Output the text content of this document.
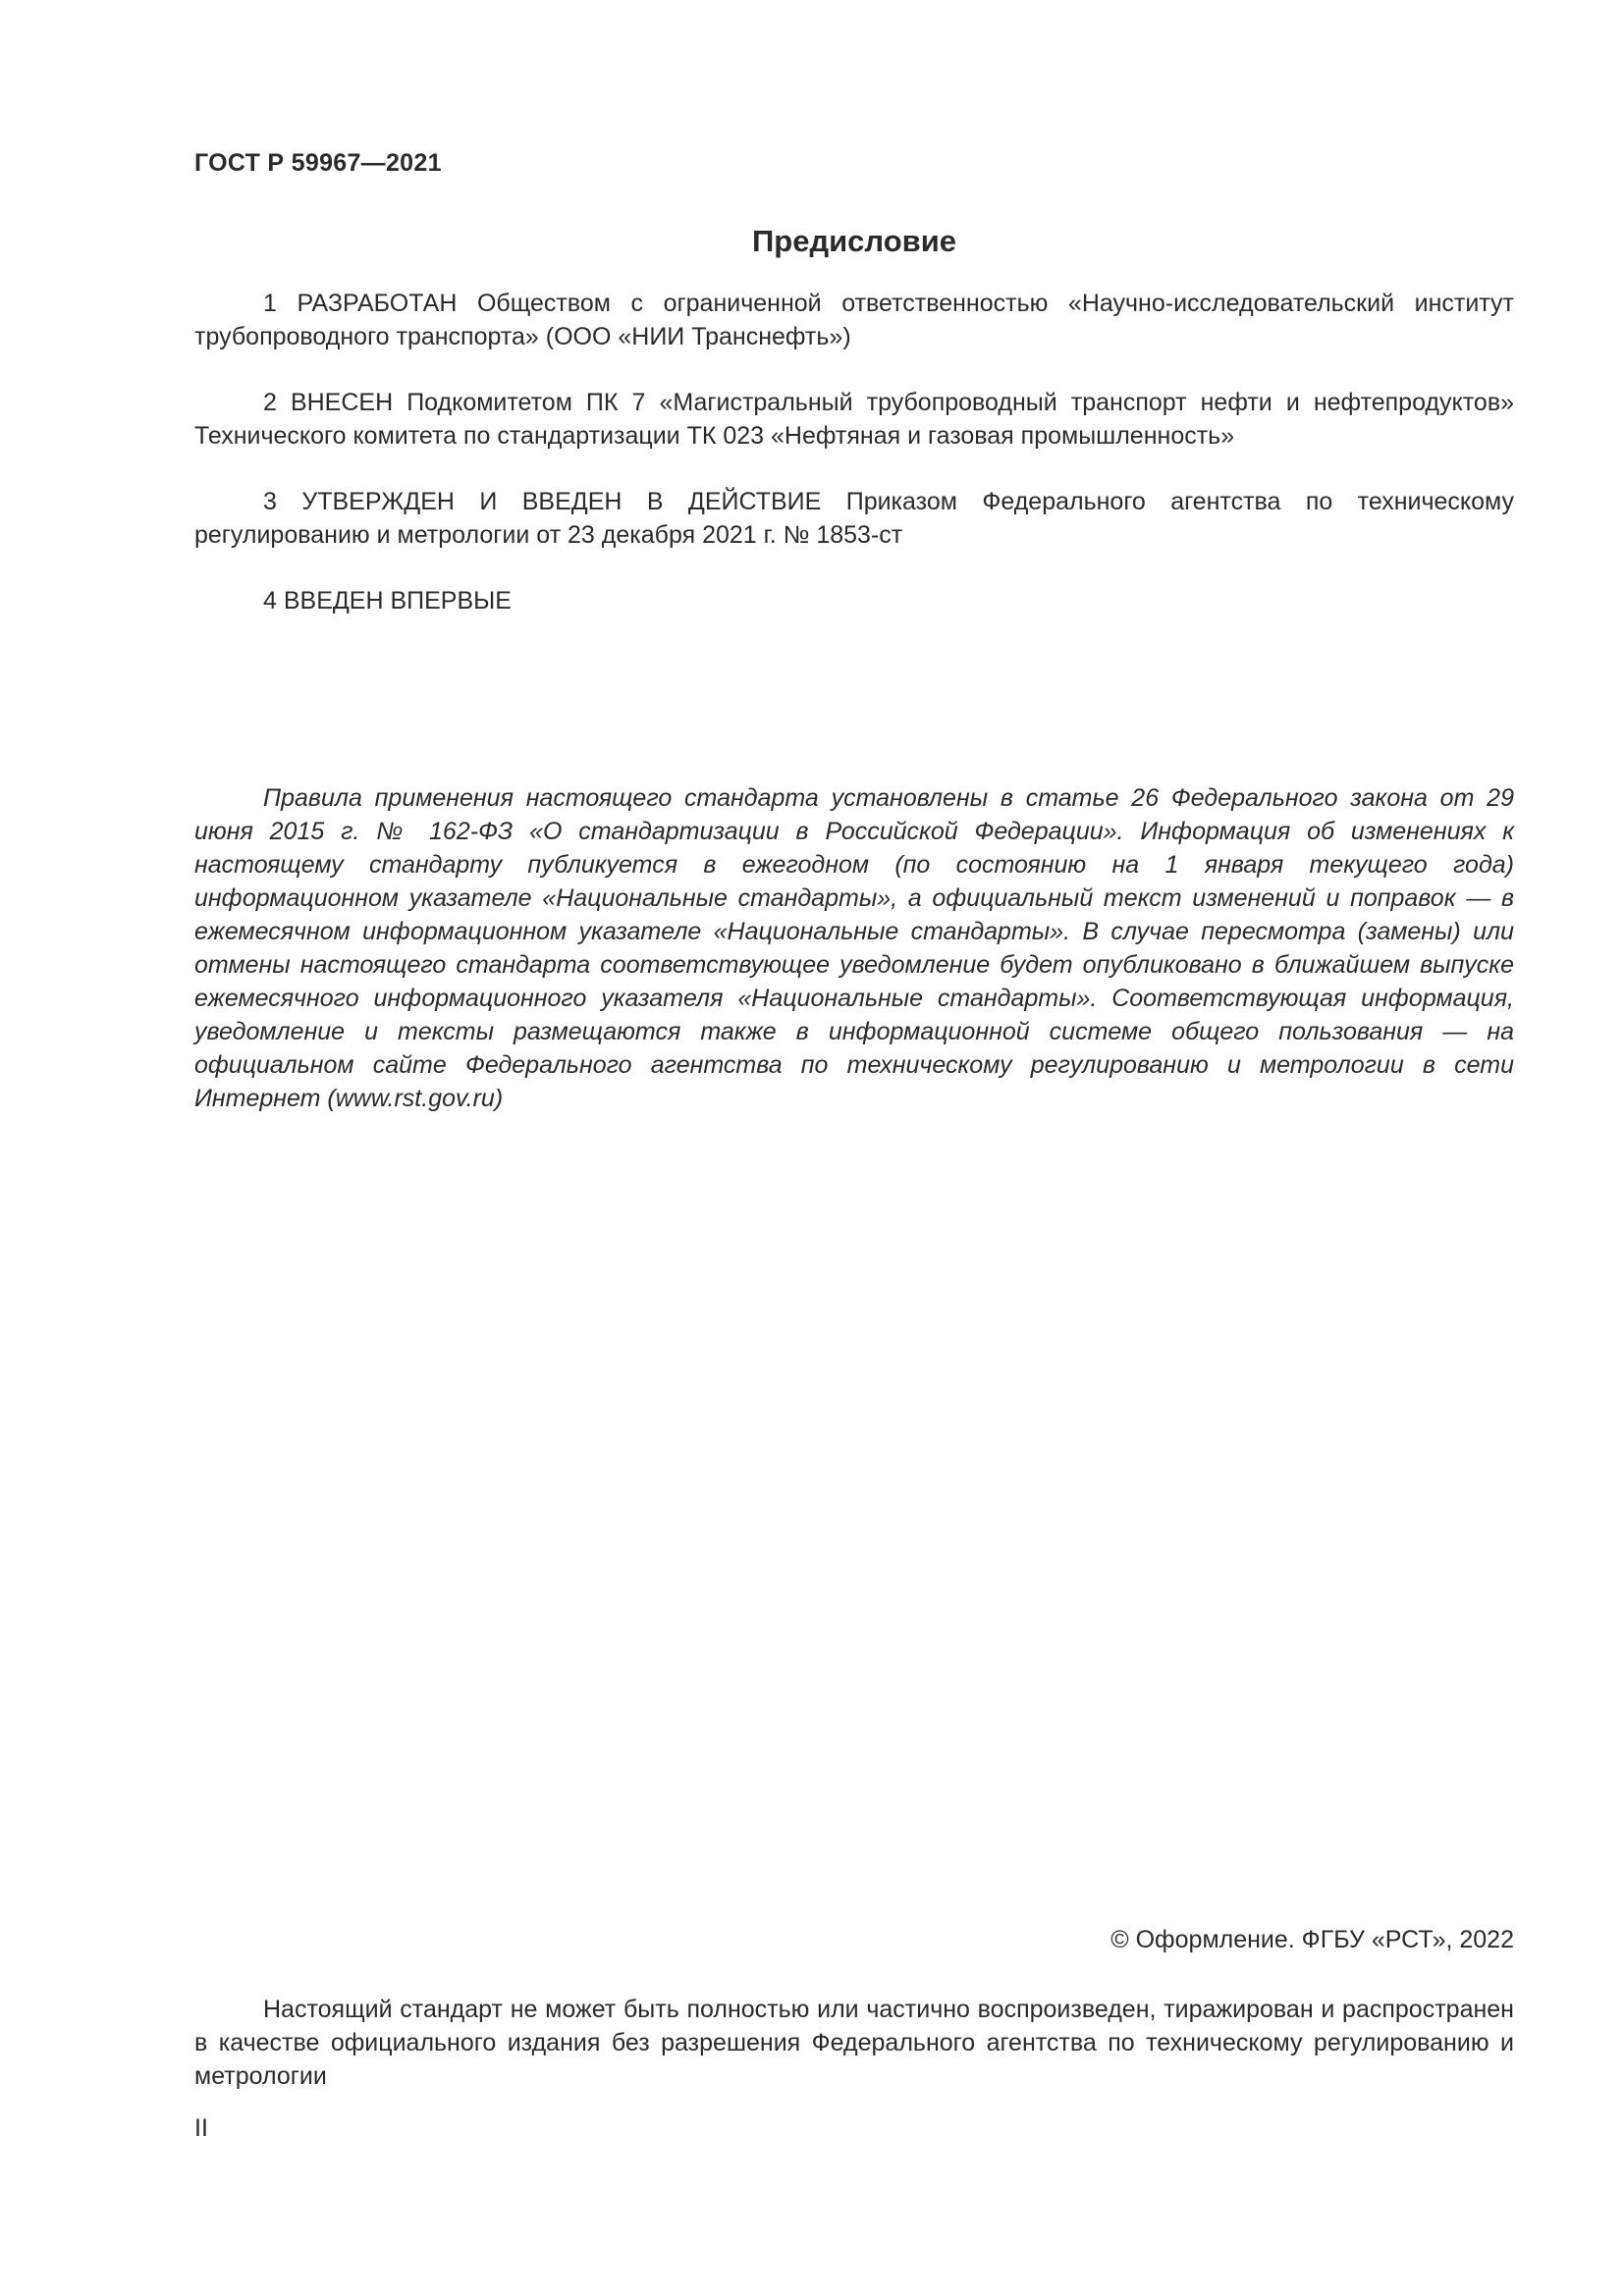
ГОСТ Р 59967—2021
Предисловие

1 РАЗРАБОТАН Обществом с ограниченной ответственностью «Научно-исследовательский институт трубопроводного транспорта» (ООО «НИИ Транснефть»)

2 ВНЕСЕН Подкомитетом ПК 7 «Магистральный трубопроводный транспорт нефти и нефтепродуктов» Технического комитета по стандартизации ТК 023 «Нефтяная и газовая промышленность»

3 УТВЕРЖДЕН И ВВЕДЕН В ДЕЙСТВИЕ Приказом Федерального агентства по техническому регулированию и метрологии от 23 декабря 2021 г. № 1853-ст

4 ВВЕДЕН ВПЕРВЫЕ

Правила применения настоящего стандарта установлены в статье 26 Федерального закона от 29 июня 2015 г. № 162-ФЗ «О стандартизации в Российской Федерации». Информация об изменениях к настоящему стандарту публикуется в ежегодном (по состоянию на 1 января текущего года) информационном указателе «Национальные стандарты», а официальный текст изменений и поправок — в ежемесячном информационном указателе «Национальные стандарты». В случае пересмотра (замены) или отмены настоящего стандарта соответствующее уведомление будет опубликовано в ближайшем выпуске ежемесячного информационного указателя «Национальные стандарты». Соответствующая информация, уведомление и тексты размещаются также в информационной системе общего пользования — на официальном сайте Федерального агентства по техническому регулированию и метрологии в сети Интернет (www.rst.gov.ru)

© Оформление. ФГБУ «РСТ», 2022

Настоящий стандарт не может быть полностью или частично воспроизведен, тиражирован и распространен в качестве официального издания без разрешения Федерального агентства по техническому регулированию и метрологии

II
